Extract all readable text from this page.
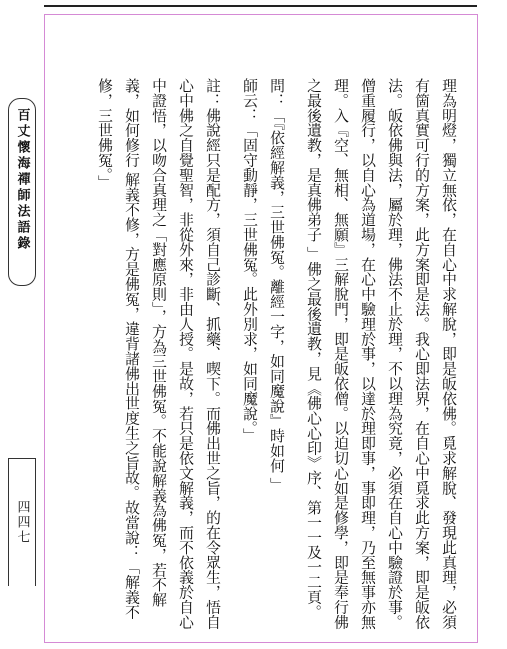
百丈懷海禪師法語錄
四四七	理為明燈，獨立無依，在自心中求解脫，即是皈依佛。覓求解脫、發現此真理，必須有箇真實可行的方案，此方案即是法。我心即法界，在自心中覓求此方案，即是皈依法。皈依佛與法，屬於理，佛法不止於理，不以理為究竟，必須在自心中驗證於事。僧重履行，以自心為道場，在心中驗理於事，以達於理即事，事即理，乃至無事亦無理。入『空、無相、無願』三解脫門，即是皈依僧。以迫切心如是修學，即是奉行佛之最後遺教，是真佛弟子 」佛之最後遺教，見《佛心心印》序、第一一及一二頁。

問：「『依經解義，三世佛冤。離經一字，如同魔說』時如何 」

師云：「固守動靜，三世佛冤。此外別求，如同魔說。」

註：佛說經只是配方，須自己診斷、抓藥、喫下。而佛出世之旨，的在令眾生，悟自心中佛之自覺聖智，非從外來，非由人授。是故，若只是依文解義，而不依義於自心中證悟，以吻合真理之「對應原則」，方為三世佛冤。不能說解義為佛冤，若不解義，如何修行 解義不修，方是佛冤，違背諸佛出世度生之旨故。故當說：「解義不修，三世佛冤。」
